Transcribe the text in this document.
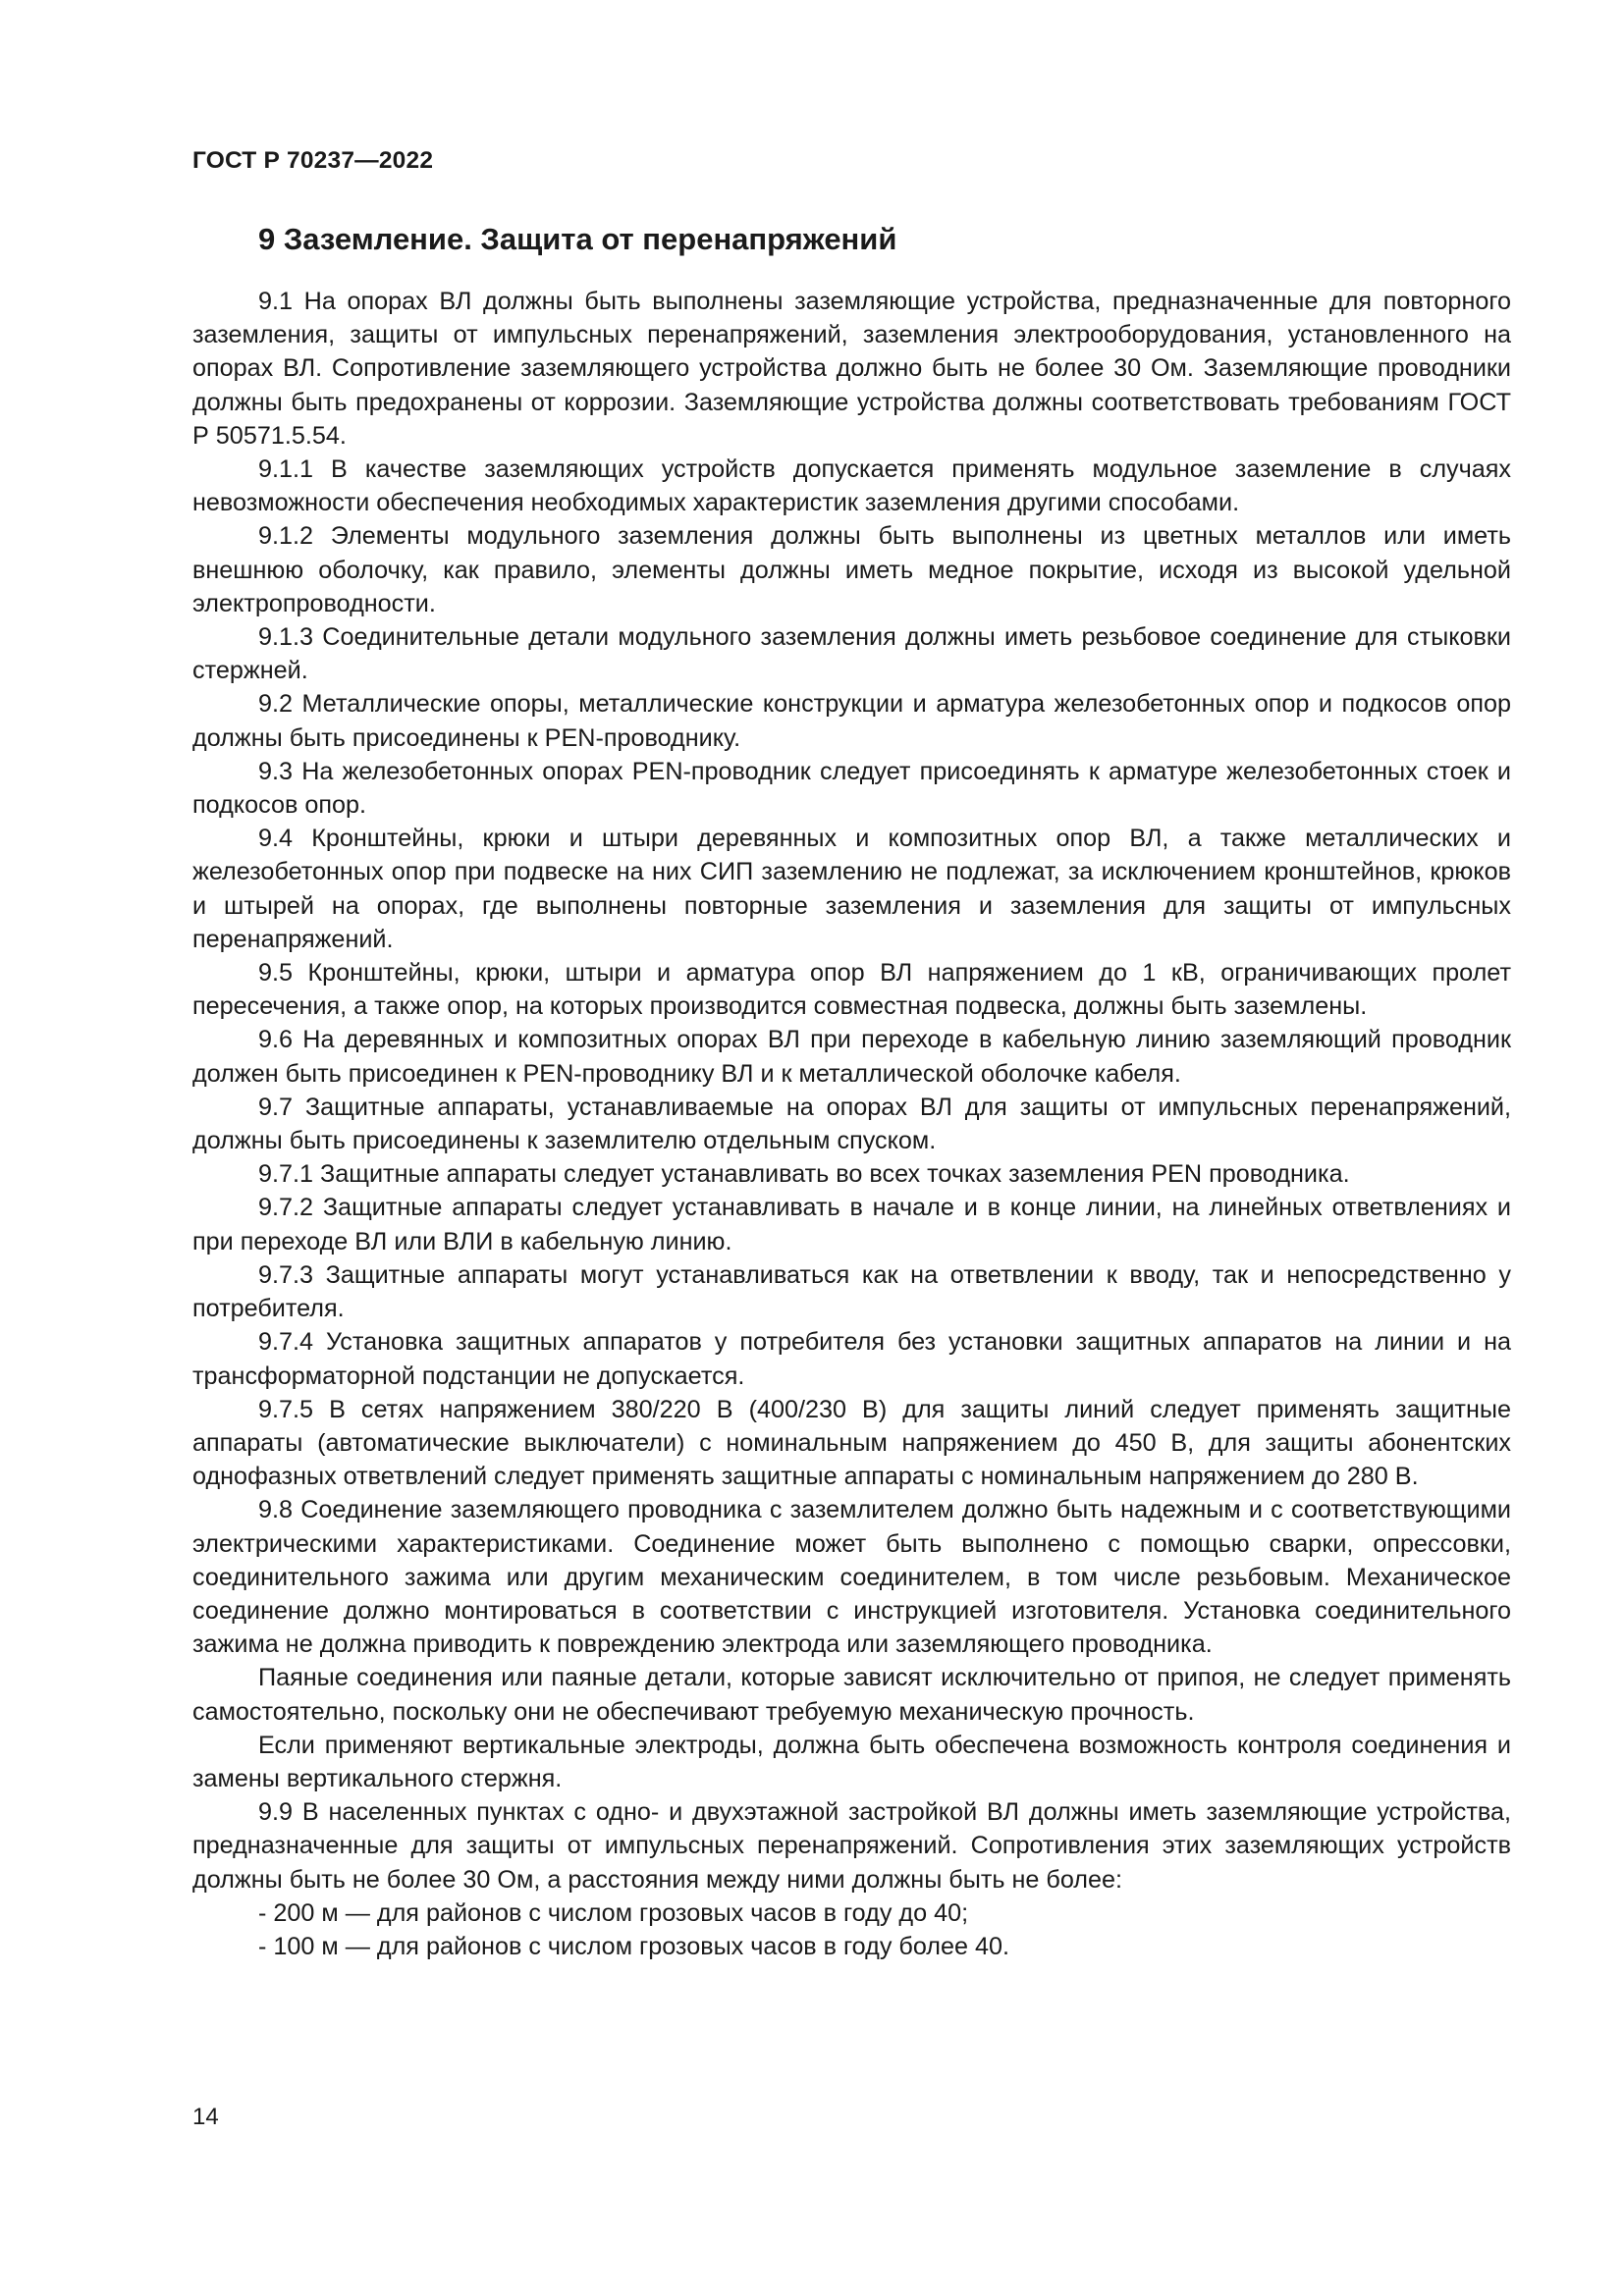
ГОСТ Р 70237—2022
9 Заземление. Защита от перенапряжений

9.1 На опорах ВЛ должны быть выполнены заземляющие устройства, предназначенные для повторного заземления, защиты от импульсных перенапряжений, заземления электрооборудования, установленного на опорах ВЛ. Сопротивление заземляющего устройства должно быть не более 30 Ом. Заземляющие проводники должны быть предохранены от коррозии. Заземляющие устройства должны соответствовать требованиям ГОСТ Р 50571.5.54.

9.1.1 В качестве заземляющих устройств допускается применять модульное заземление в случаях невозможности обеспечения необходимых характеристик заземления другими способами.

9.1.2 Элементы модульного заземления должны быть выполнены из цветных металлов или иметь внешнюю оболочку, как правило, элементы должны иметь медное покрытие, исходя из высокой удельной электропроводности.

9.1.3 Соединительные детали модульного заземления должны иметь резьбовое соединение для стыковки стержней.

9.2 Металлические опоры, металлические конструкции и арматура железобетонных опор и подкосов опор должны быть присоединены к PEN-проводнику.

9.3 На железобетонных опорах PEN-проводник следует присоединять к арматуре железобетонных стоек и подкосов опор.

9.4 Кронштейны, крюки и штыри деревянных и композитных опор ВЛ, а также металлических и железобетонных опор при подвеске на них СИП заземлению не подлежат, за исключением кронштейнов, крюков и штырей на опорах, где выполнены повторные заземления и заземления для защиты от импульсных перенапряжений.

9.5 Кронштейны, крюки, штыри и арматура опор ВЛ напряжением до 1 кВ, ограничивающих пролет пересечения, а также опор, на которых производится совместная подвеска, должны быть заземлены.

9.6 На деревянных и композитных опорах ВЛ при переходе в кабельную линию заземляющий проводник должен быть присоединен к PEN-проводнику ВЛ и к металлической оболочке кабеля.

9.7 Защитные аппараты, устанавливаемые на опорах ВЛ для защиты от импульсных перенапряжений, должны быть присоединены к заземлителю отдельным спуском.

9.7.1 Защитные аппараты следует устанавливать во всех точках заземления PEN проводника.

9.7.2 Защитные аппараты следует устанавливать в начале и в конце линии, на линейных ответвлениях и при переходе ВЛ или ВЛИ в кабельную линию.

9.7.3 Защитные аппараты могут устанавливаться как на ответвлении к вводу, так и непосредственно у потребителя.

9.7.4 Установка защитных аппаратов у потребителя без установки защитных аппаратов на линии и на трансформаторной подстанции не допускается.

9.7.5 В сетях напряжением 380/220 В (400/230 В) для защиты линий следует применять защитные аппараты (автоматические выключатели) с номинальным напряжением до 450 В, для защиты абонентских однофазных ответвлений следует применять защитные аппараты с номинальным напряжением до 280 В.

9.8 Соединение заземляющего проводника с заземлителем должно быть надежным и с соответствующими электрическими характеристиками. Соединение может быть выполнено с помощью сварки, опрессовки, соединительного зажима или другим механическим соединителем, в том числе резьбовым. Механическое соединение должно монтироваться в соответствии с инструкцией изготовителя. Установка соединительного зажима не должна приводить к повреждению электрода или заземляющего проводника.

Паяные соединения или паяные детали, которые зависят исключительно от припоя, не следует применять самостоятельно, поскольку они не обеспечивают требуемую механическую прочность.

Если применяют вертикальные электроды, должна быть обеспечена возможность контроля соединения и замены вертикального стержня.

9.9 В населенных пунктах с одно- и двухэтажной застройкой ВЛ должны иметь заземляющие устройства, предназначенные для защиты от импульсных перенапряжений. Сопротивления этих заземляющих устройств должны быть не более 30 Ом, а расстояния между ними должны быть не более:

- 200 м — для районов с числом грозовых часов в году до 40;

- 100 м — для районов с числом грозовых часов в году более 40.

14
